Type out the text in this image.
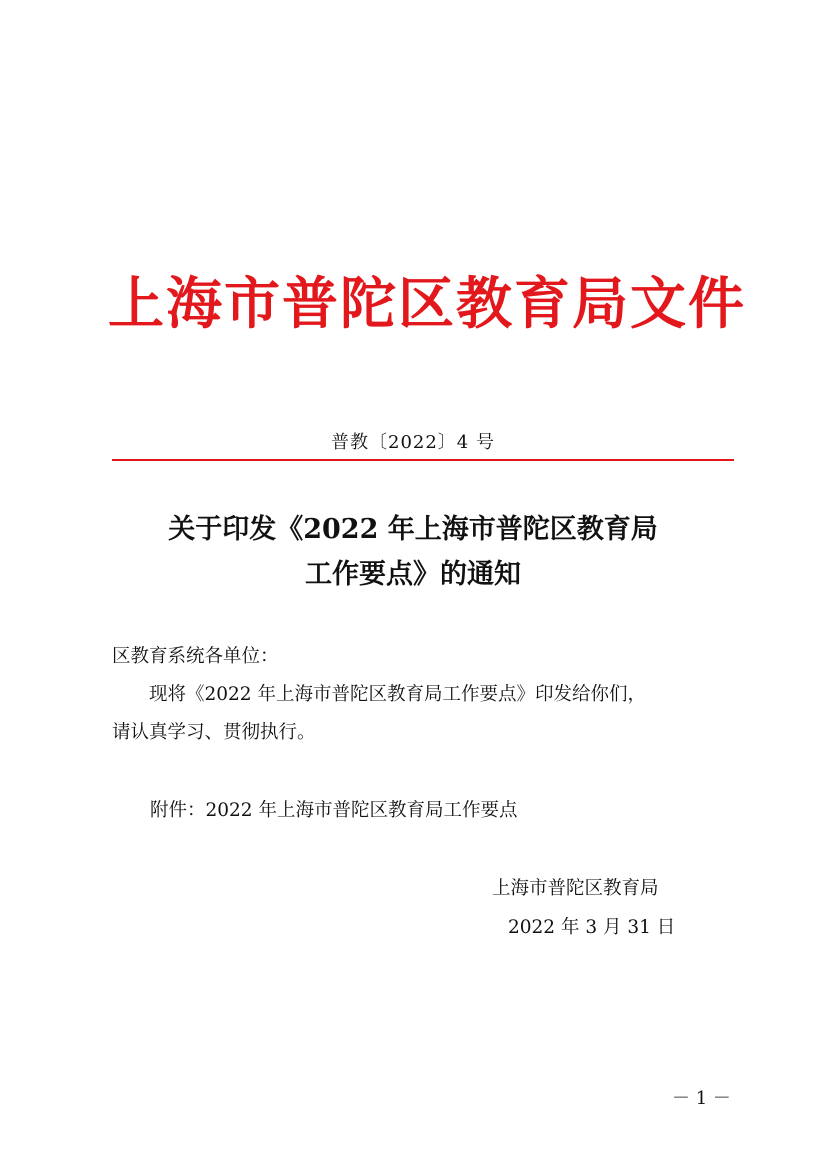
上海市普陀区教育局文件
普教〔2022〕4 号
关于印发《2022 年上海市普陀区教育局
工作要点》的通知
区教育系统各单位：
现将《2022 年上海市普陀区教育局工作要点》印发给你们，
请认真学习、贯彻执行。
附件：2022 年上海市普陀区教育局工作要点
上海市普陀区教育局
2022 年 3 月 31 日
－ 1 －
